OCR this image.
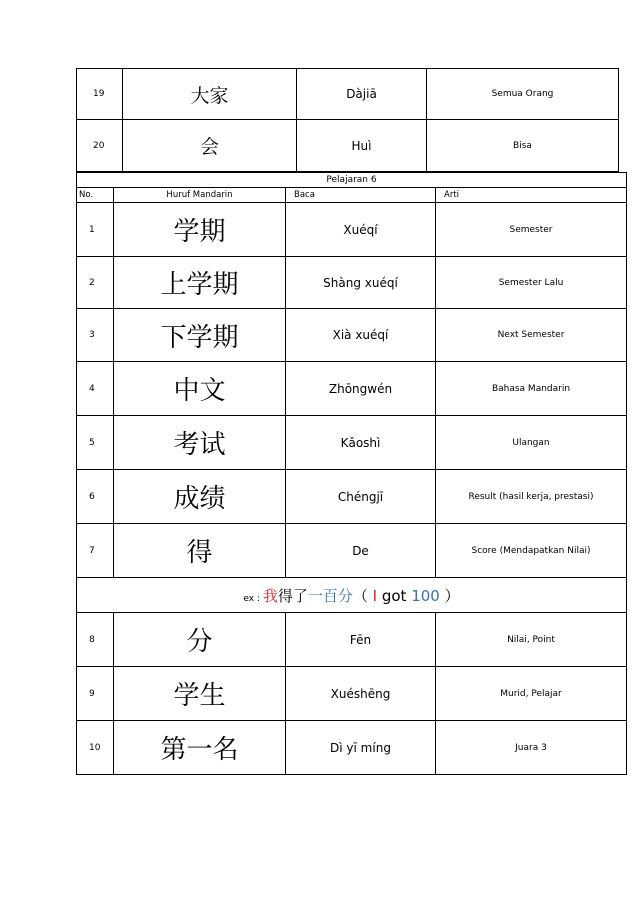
19	大家	Dàjiā	Semua Orang
20	会	Huì	Bisa
Pelajaran 6			
No.	Huruf Mandarin	Baca	Arti
1	学期	Xuéqí	Semester
2	上学期	Shàng xuéqí	Semester Lalu
3	下学期	Xià xuéqí	Next Semester
4	中文	Zhōngwén	Bahasa Mandarin
5	考试	Kǎoshì	Ulangan
6	成绩	Chéngjī	Result (hasil kerja, prestasi)
7	得	De	Score (Mendapatkan Nilai)
ex : 我得了一百分（ I got 100 ）			
8	分	Fēn	Nilai, Point
9	学生	Xuéshēng	Murid, Pelajar
10	第一名	Dì yī míng	Juara 3
